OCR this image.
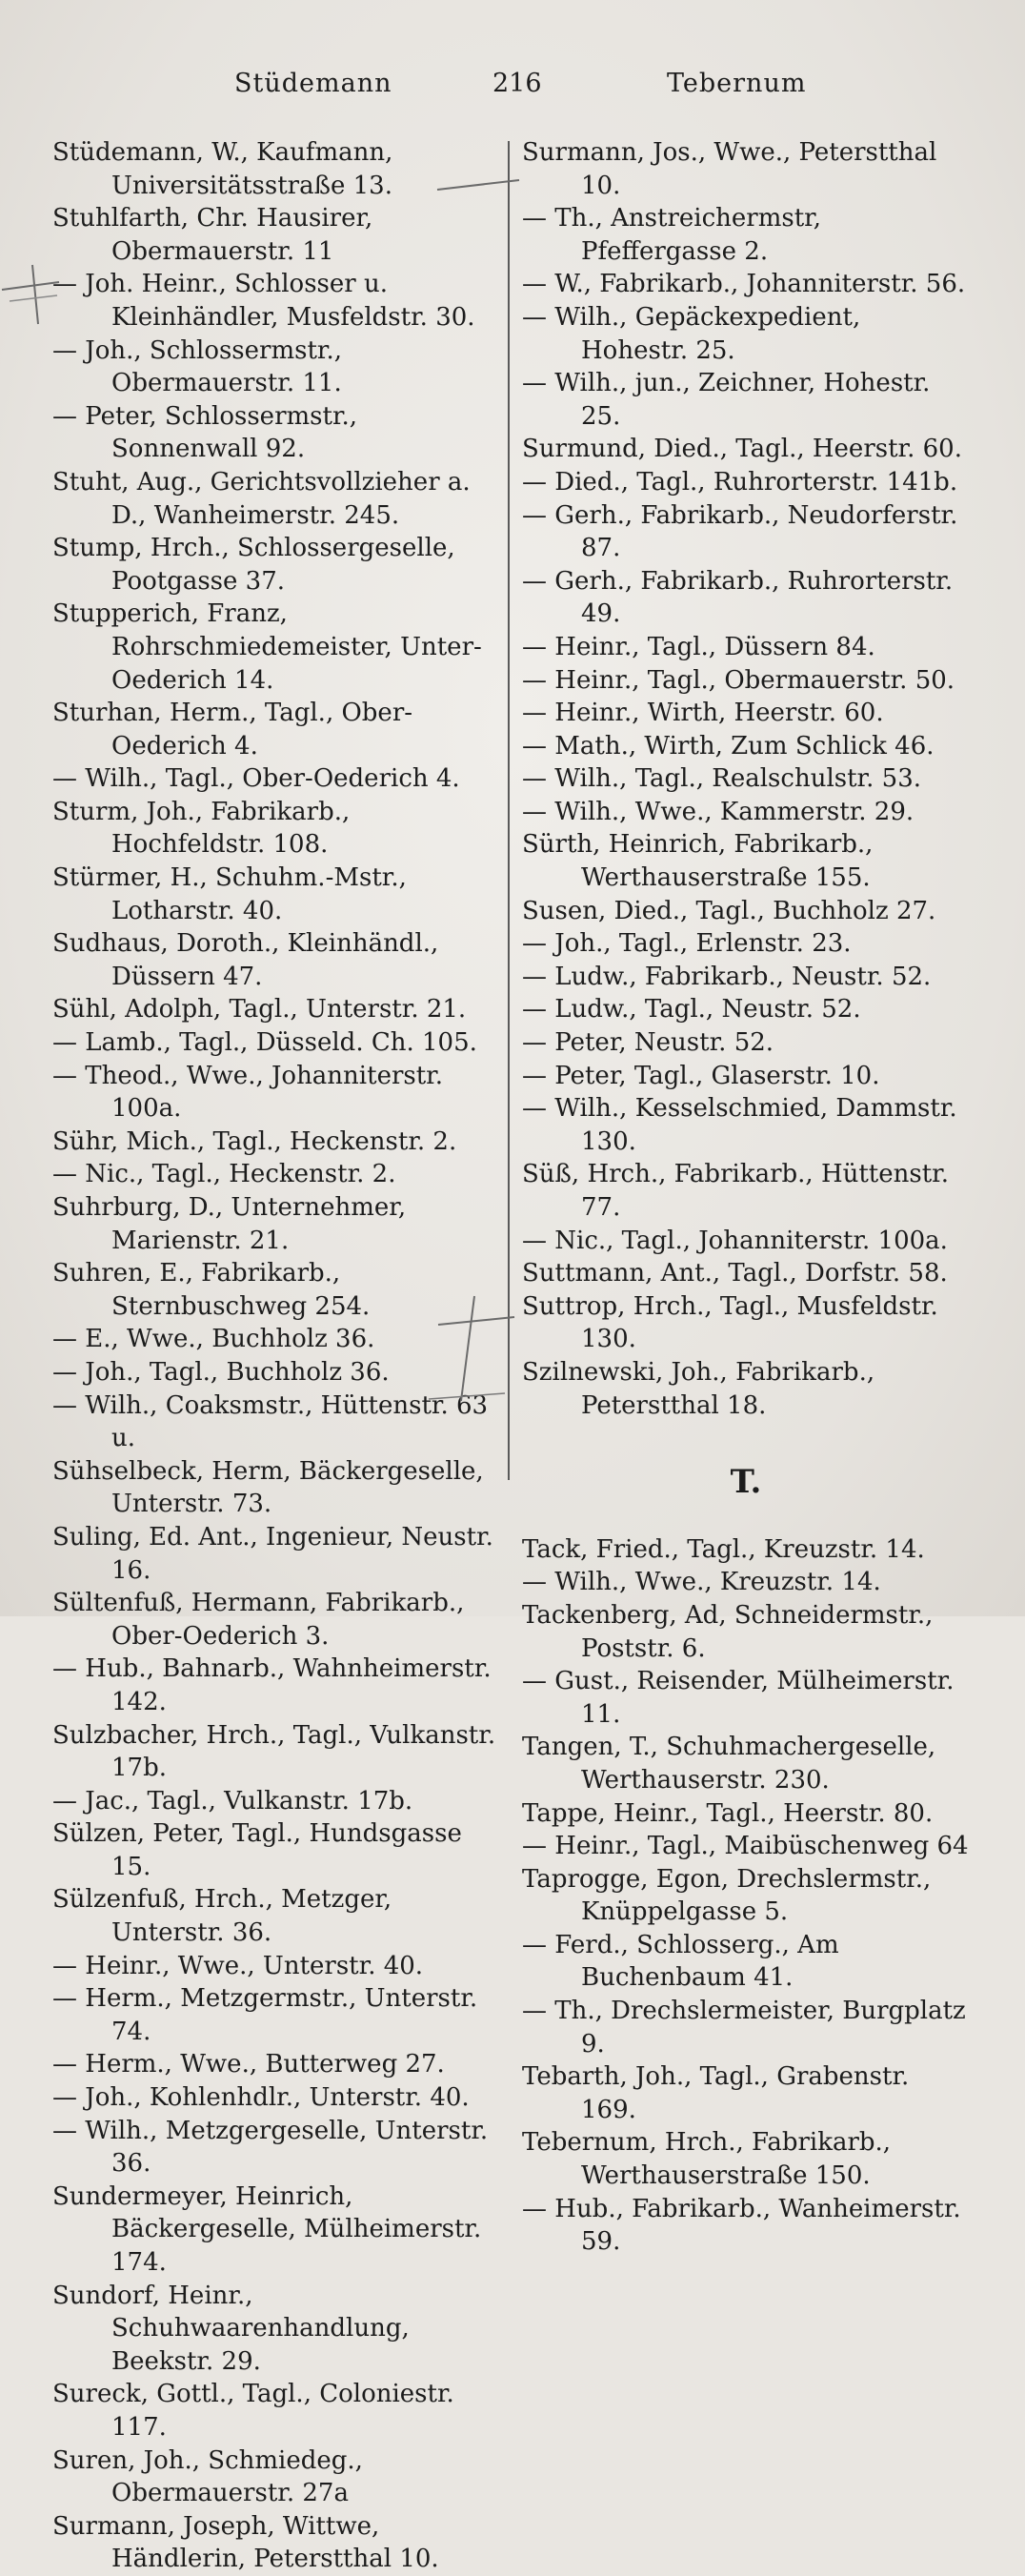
Stüdemann	216	Tebernum
Stüdemann, W., Kaufmann, Universitätsstraße 13.
Stuhlfarth, Chr. Hausirer, Obermauerstr. 11
— Joh. Heinr., Schlosser u. Kleinhändler, Musfeldstr. 30.
— Joh., Schlossermstr., Obermauerstr. 11.
— Peter, Schlossermstr., Sonnenwall 92.
Stuht, Aug., Gerichtsvollzieher a. D., Wanheimerstr. 245.
Stump, Hrch., Schlossergeselle, Pootgasse 37.
Stupperich, Franz, Rohrschmiedemeister, Unter-Oederich 14.
Sturhan, Herm., Tagl., Ober-Oederich 4.
— Wilh., Tagl., Ober-Oederich 4.
Sturm, Joh., Fabrikarb., Hochfeldstr. 108.
Stürmer, H., Schuhm.-Mstr., Lotharstr. 40.
Sudhaus, Doroth., Kleinhändl., Düssern 47.
Sühl, Adolph, Tagl., Unterstr. 21.
— Lamb., Tagl., Düsseld. Ch. 105.
— Theod., Wwe., Johanniterstr. 100a.
Sühr, Mich., Tagl., Heckenstr. 2.
— Nic., Tagl., Heckenstr. 2.
Suhrburg, D., Unternehmer, Marienstr. 21.
Suhren, E., Fabrikarb., Sternbuschweg 254.
— E., Wwe., Buchholz 36.
— Joh., Tagl., Buchholz 36.
— Wilh., Coaksmstr., Hüttenstr. 63 u.
Sühselbeck, Herm, Bäckergeselle, Unterstr. 73.
Suling, Ed. Ant., Ingenieur, Neustr. 16.
Sültenfuß, Hermann, Fabrikarb., Ober-Oederich 3.
— Hub., Bahnarb., Wahnheimerstr. 142.
Sulzbacher, Hrch., Tagl., Vulkanstr. 17b.
— Jac., Tagl., Vulkanstr. 17b.
Sülzen, Peter, Tagl., Hundsgasse 15.
Sülzenfuß, Hrch., Metzger, Unterstr. 36.
— Heinr., Wwe., Unterstr. 40.
— Herm., Metzgermstr., Unterstr. 74.
— Herm., Wwe., Butterweg 27.
— Joh., Kohlenhdlr., Unterstr. 40.
— Wilh., Metzgergeselle, Unterstr. 36.
Sundermeyer, Heinrich, Bäckergeselle, Mülheimerstr. 174.
Sundorf, Heinr., Schuhwaarenhandlung, Beekstr. 29.
Sureck, Gottl., Tagl., Coloniestr. 117.
Suren, Joh., Schmiedeg., Obermauerstr. 27a
Surmann, Joseph, Wittwe, Händlerin, Peterstthal 10.
Surmann, Jos., Wwe., Peterstthal 10.
— Th., Anstreichermstr, Pfeffergasse 2.
— W., Fabrikarb., Johanniterstr. 56.
— Wilh., Gepäckexpedient, Hohestr. 25.
— Wilh., jun., Zeichner, Hohestr. 25.
Surmund, Died., Tagl., Heerstr. 60.
— Died., Tagl., Ruhrorterstr. 141b.
— Gerh., Fabrikarb., Neudorferstr. 87.
— Gerh., Fabrikarb., Ruhrorterstr. 49.
— Heinr., Tagl., Düssern 84.
— Heinr., Tagl., Obermauerstr. 50.
— Heinr., Wirth, Heerstr. 60.
— Math., Wirth, Zum Schlick 46.
— Wilh., Tagl., Realschulstr. 53.
— Wilh., Wwe., Kammerstr. 29.
Sürth, Heinrich, Fabrikarb., Werthauserstraße 155.
Susen, Died., Tagl., Buchholz 27.
— Joh., Tagl., Erlenstr. 23.
— Ludw., Fabrikarb., Neustr. 52.
— Ludw., Tagl., Neustr. 52.
— Peter, Neustr. 52.
— Peter, Tagl., Glaserstr. 10.
— Wilh., Kesselschmied, Dammstr. 130.
Süß, Hrch., Fabrikarb., Hüttenstr. 77.
— Nic., Tagl., Johanniterstr. 100a.
Suttmann, Ant., Tagl., Dorfstr. 58.
Suttrop, Hrch., Tagl., Musfeldstr. 130.
Szilnewski, Joh., Fabrikarb., Peterstthal 18.
T.
Tack, Fried., Tagl., Kreuzstr. 14.
— Wilh., Wwe., Kreuzstr. 14.
Tackenberg, Ad, Schneidermstr., Poststr. 6.
— Gust., Reisender, Mülheimerstr. 11.
Tangen, T., Schuhmachergeselle, Werthauserstr. 230.
Tappe, Heinr., Tagl., Heerstr. 80.
— Heinr., Tagl., Maibüschenweg 64
Taprogge, Egon, Drechslermstr., Knüppelgasse 5.
— Ferd., Schlosserg., Am Buchenbaum 41.
— Th., Drechslermeister, Burgplatz 9.
Tebarth, Joh., Tagl., Grabenstr. 169.
Tebernum, Hrch., Fabrikarb., Werthauserstraße 150.
— Hub., Fabrikarb., Wanheimerstr. 59.
